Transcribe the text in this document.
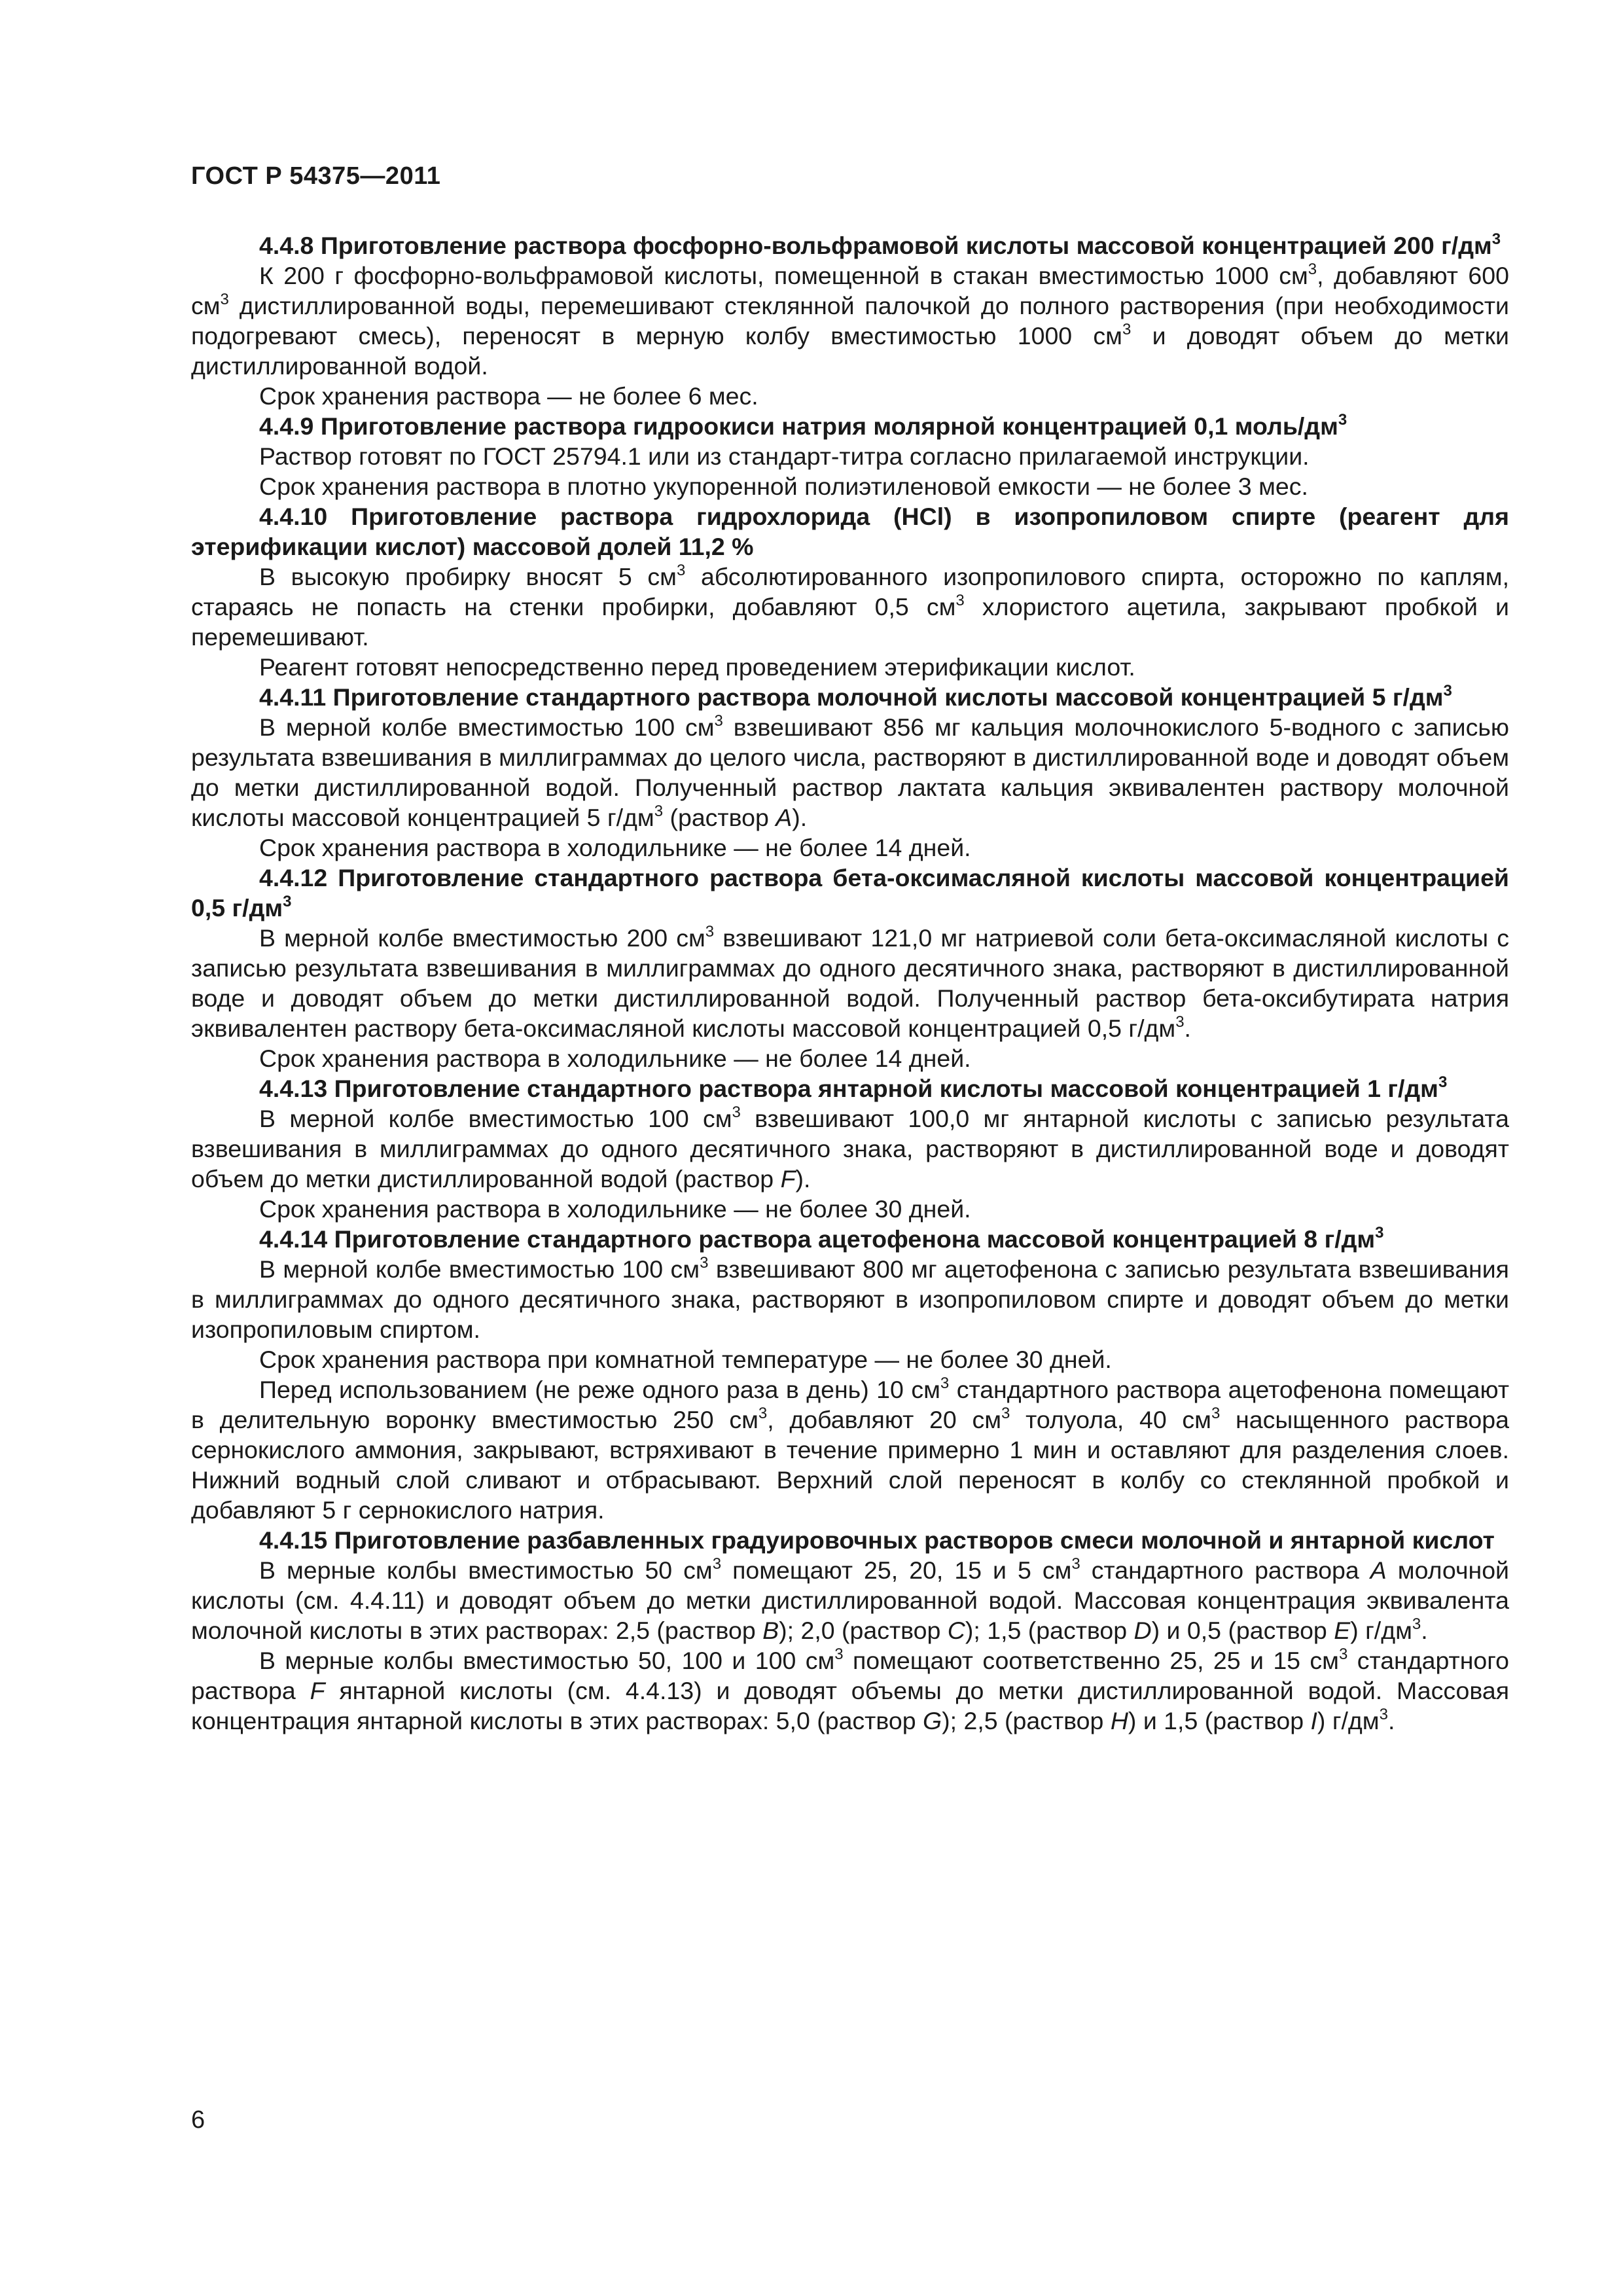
ГОСТ Р 54375—2011

4.4.8 Приготовление раствора фосфорно-вольфрамовой кислоты массовой концентрацией 200 $г/дм^3$

К 200 г фосфорно-вольфрамовой кислоты, помещенной в стакан вместимостью 1000 $см^3$, добавляют 600 $см^3$ дистиллированной воды, перемешивают стеклянной палочкой до полного растворения (при необходимости подогревают смесь), переносят в мерную колбу вместимостью 1000 $см^3$ и доводят объем до метки дистиллированной водой.

Срок хранения раствора — не более 6 мес.

4.4.9 Приготовление раствора гидроокиси натрия молярной концентрацией 0,1 моль/$дм^3$

Раствор готовят по ГОСТ 25794.1 или из стандарт-титра согласно прилагаемой инструкции.

Срок хранения раствора в плотно укупоренной полиэтиленовой емкости — не более 3 мес.

4.4.10 Приготовление раствора гидрохлорида (HCl) в изопропиловом спирте (реагент для этерификации кислот) массовой долей 11,2 %

В высокую пробирку вносят 5 $см^3$ абсолютированного изопропилового спирта, осторожно по каплям, стараясь не попасть на стенки пробирки, добавляют 0,5 $см^3$ хлористого ацетила, закрывают пробкой и перемешивают.

Реагент готовят непосредственно перед проведением этерификации кислот.

4.4.11 Приготовление стандартного раствора молочной кислоты массовой концентрацией 5 $г/дм^3$

В мерной колбе вместимостью 100 $см^3$ взвешивают 856 мг кальция молочнокислого 5-водного с записью результата взвешивания в миллиграммах до целого числа, растворяют в дистиллированной воде и доводят объем до метки дистиллированной водой. Полученный раствор лактата кальция эквивалентен раствору молочной кислоты массовой концентрацией 5 $г/дм^3$ (раствор А).

Срок хранения раствора в холодильнике — не более 14 дней.

4.4.12 Приготовление стандартного раствора бета-оксимасляной кислоты массовой концентрацией 0,5 $г/дм^3$

В мерной колбе вместимостью 200 $см^3$ взвешивают 121,0 мг натриевой соли бета-оксимасляной кислоты с записью результата взвешивания в миллиграммах до одного десятичного знака, растворяют в дистиллированной воде и доводят объем до метки дистиллированной водой. Полученный раствор бета-оксибутирата натрия эквивалентен раствору бета-оксимасляной кислоты массовой концентрацией 0,5 $г/дм^3$.

Срок хранения раствора в холодильнике — не более 14 дней.

4.4.13 Приготовление стандартного раствора янтарной кислоты массовой концентрацией 1 $г/дм^3$

В мерной колбе вместимостью 100 $см^3$ взвешивают 100,0 мг янтарной кислоты с записью результата взвешивания в миллиграммах до одного десятичного знака, растворяют в дистиллированной воде и доводят объем до метки дистиллированной водой (раствор F).

Срок хранения раствора в холодильнике — не более 30 дней.

4.4.14 Приготовление стандартного раствора ацетофенона массовой концентрацией 8 $г/дм^3$

В мерной колбе вместимостью 100 $см^3$ взвешивают 800 мг ацетофенона с записью результата взвешивания в миллиграммах до одного десятичного знака, растворяют в изопропиловом спирте и доводят объем до метки изопропиловым спиртом.

Срок хранения раствора при комнатной температуре — не более 30 дней.

Перед использованием (не реже одного раза в день) 10 $см^3$ стандартного раствора ацетофенона помещают в делительную воронку вместимостью 250 $см^3$, добавляют 20 $см^3$ толуола, 40 $см^3$ насыщенного раствора сернокислого аммония, закрывают, встряхивают в течение примерно 1 мин и оставляют для разделения слоев. Нижний водный слой сливают и отбрасывают. Верхний слой переносят в колбу со стеклянной пробкой и добавляют 5 г сернокислого натрия.

4.4.15 Приготовление разбавленных градуировочных растворов смеси молочной и янтарной кислот

В мерные колбы вместимостью 50 $см^3$ помещают 25, 20, 15 и 5 $см^3$ стандартного раствора А молочной кислоты (см. 4.4.11) и доводят объем до метки дистиллированной водой. Массовая концентрация эквивалента молочной кислоты в этих растворах: 2,5 (раствор В); 2,0 (раствор С); 1,5 (раствор D) и 0,5 (раствор Е) $г/дм^3$.

В мерные колбы вместимостью 50, 100 и 100 $см^3$ помещают соответственно 25, 25 и 15 $см^3$ стандартного раствора F янтарной кислоты (см. 4.4.13) и доводят объемы до метки дистиллированной водой. Массовая концентрация янтарной кислоты в этих растворах: 5,0 (раствор G); 2,5 (раствор Н) и 1,5 (раствор I) $г/дм^3$.

6
